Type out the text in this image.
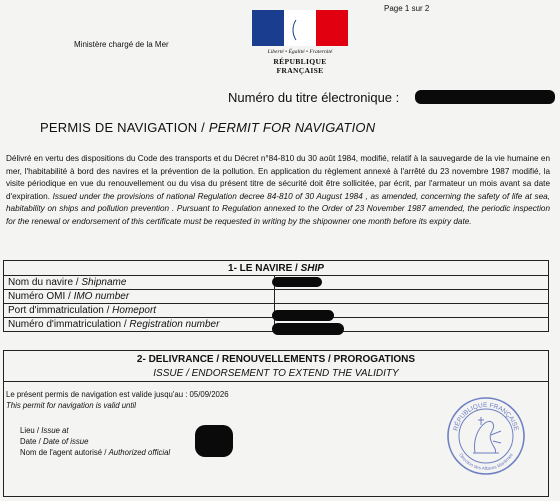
Page 1 sur 2
Ministère chargé de la Mer
Liberté • Égalité • Fraternité
RÉPUBLIQUE FRANÇAISE
Numéro du titre électronique :
PERMIS DE NAVIGATION / PERMIT FOR NAVIGATION
Délivré en vertu des dispositions du Code des transports et du Décret n°84-810 du 30 août 1984, modifié, relatif à la sauvegarde de la vie humaine en mer, l'habitabilité à bord des navires et la prévention de la pollution. En application du règlement annexé à l'arrêté du 23 novembre 1987 modifié, la visite périodique en vue du renouvellement ou du visa du présent titre de sécurité doit être sollicitée, par écrit, par l'armateur un mois avant sa date d'expiration. Issued under the provisions of national Regulation decree 84-810 of 30 August 1984 , as amended, concerning the safety of life at sea, habitability on ships and pollution prevention . Pursuant to Regulation annexed to the Order of 23 November 1987 amended, the periodic inspection for the renewal or endorsement of this certificate must be requested in writing by the shipowner one month before its expiry date.
1- LE NAVIRE / SHIP	
Nom du navire / Shipname	
Numéro OMI / IMO number	
Port d'immatriculation / Homeport	
Numéro d'immatriculation / Registration number	
2- DELIVRANCE / RENOUVELLEMENTS / PROROGATIONS
ISSUE / ENDORSEMENT TO EXTEND THE VALIDITY
Le présent permis de navigation est valide jusqu'au : 05/09/2026
This permit for navigation is valid until
Lieu / Issue at
Date / Date of issue
Nom de l'agent autorisé / Authorized official
RÉPUBLIQUE FRANÇAISE
Direction des Affaires Maritimes
